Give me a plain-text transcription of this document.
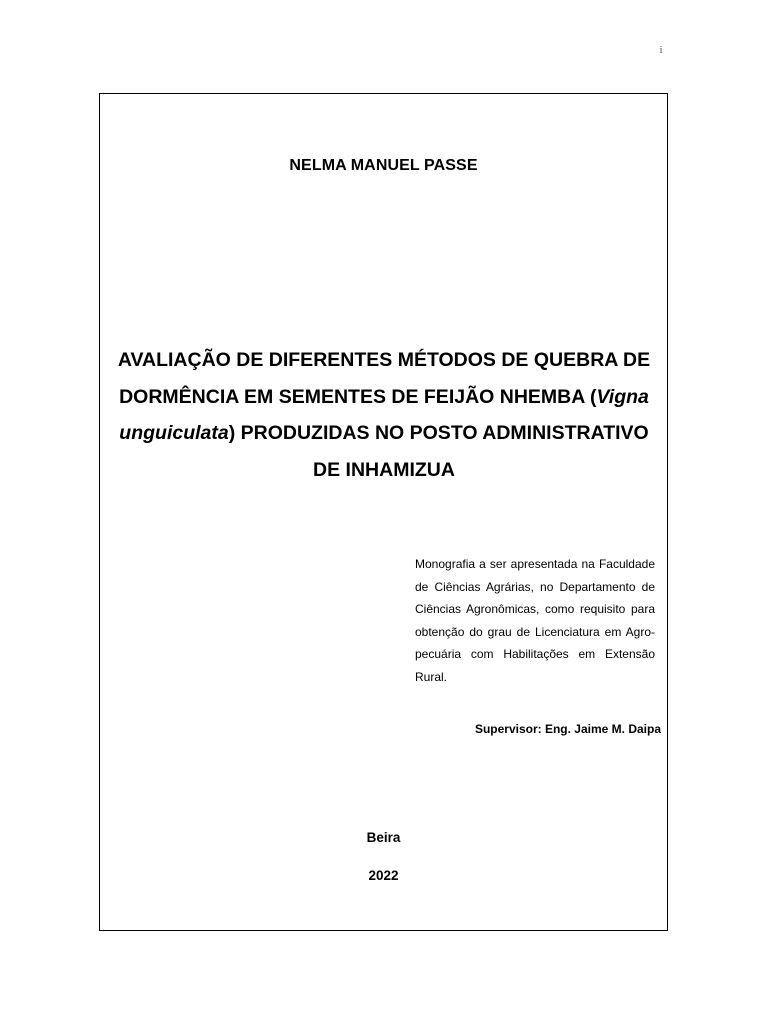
i
NELMA MANUEL PASSE
AVALIAÇÃO DE DIFERENTES MÉTODOS DE QUEBRA DE DORMÊNCIA EM SEMENTES DE FEIJÃO NHEMBA (Vigna unguiculata) PRODUZIDAS NO POSTO ADMINISTRATIVO DE INHAMIZUA
Monografia a ser apresentada na Faculdade de Ciências Agrárias, no Departamento de Ciências Agronômicas, como requisito para obtenção do grau de Licenciatura em Agro-pecuária com Habilitações em Extensão Rural.
Supervisor: Eng. Jaime M. Daipa
Beira
2022
